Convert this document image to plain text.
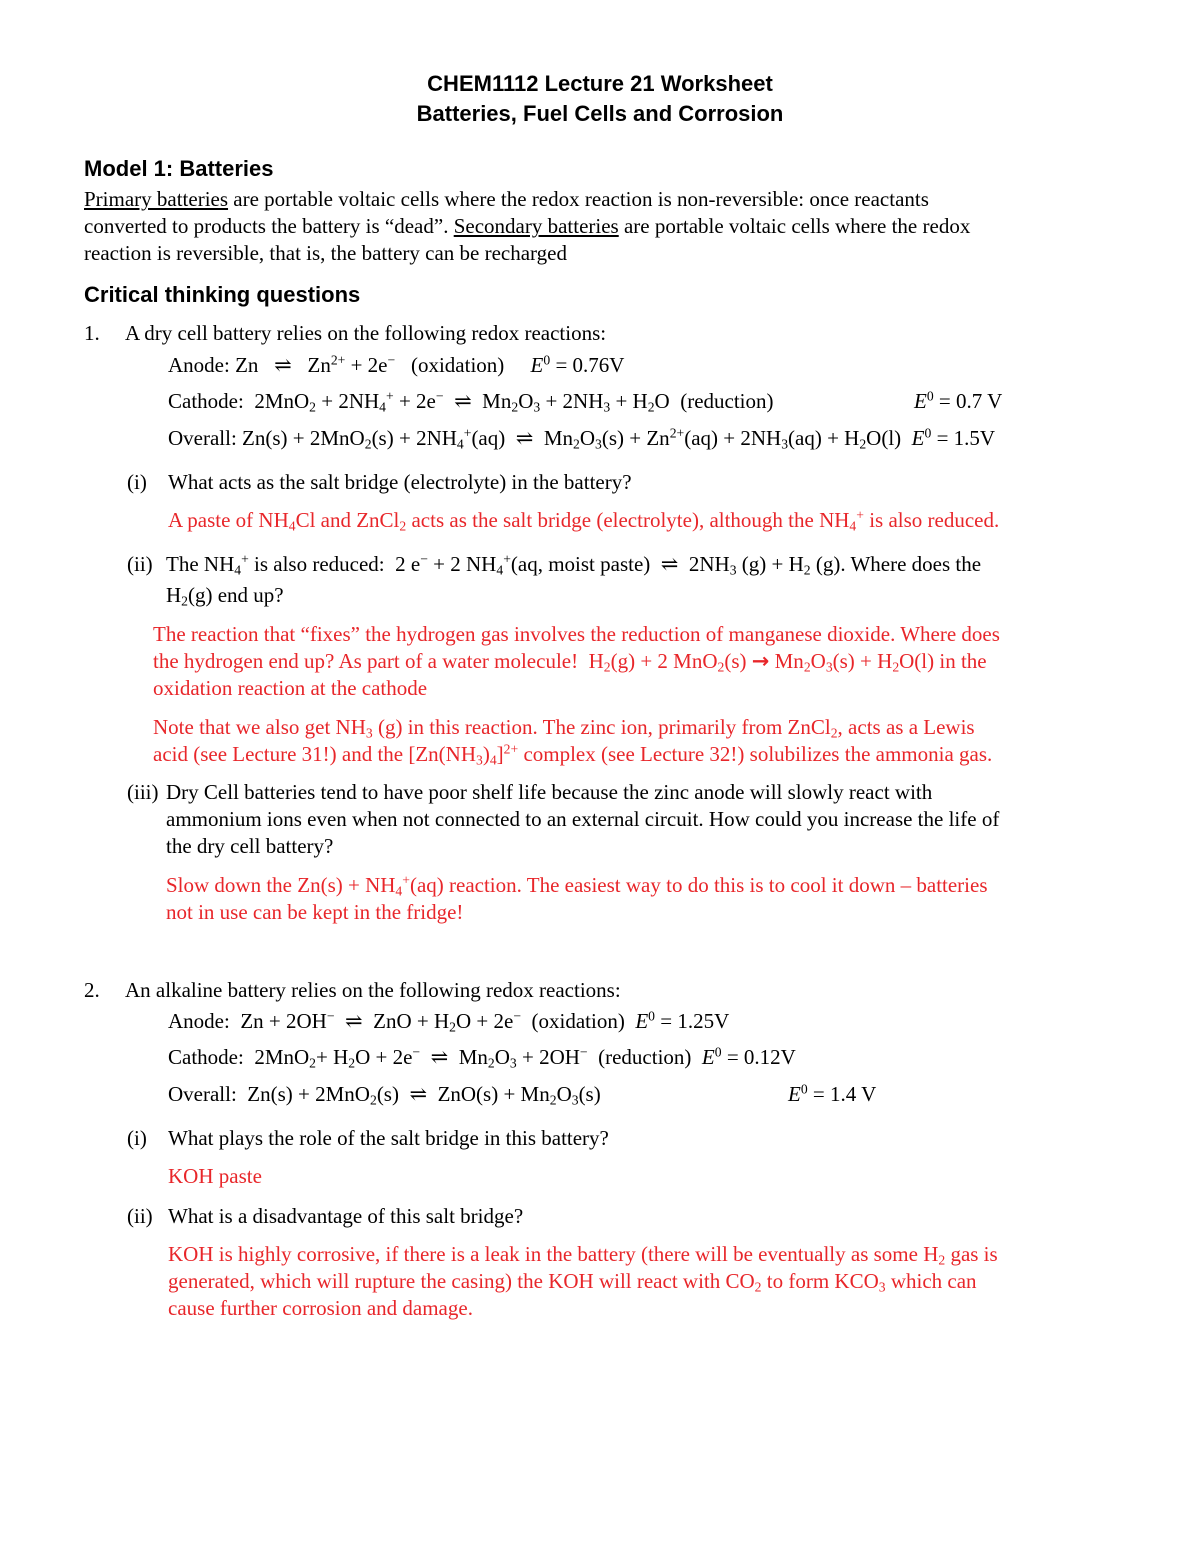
CHEM1112 Lecture 21 Worksheet
Batteries, Fuel Cells and Corrosion
Model 1: Batteries
Primary batteries are portable voltaic cells where the redox reaction is non-reversible: once reactants
converted to products the battery is “dead”. Secondary batteries are portable voltaic cells where the redox
reaction is reversible, that is, the battery can be recharged
Critical thinking questions
1. A dry cell battery relies on the following redox reactions:
Anode: Zn   ⇌   $Zn^{2+} + 2e^-$   (oxidation)     $E^0 = 0.76V$
Cathode:  $2MnO_2 + 2NH_4^+ + 2e^-$  ⇌  $Mn_2O_3 + 2NH_3 + H_2O$  (reduction)	$E^0 = 0.7$ V
Overall: $Zn(s) + 2MnO_2(s) + 2NH_4^+(aq)$  ⇌  $Mn_2O_3(s) + Zn^{2+}(aq) + 2NH_3(aq) + H_2O(l) E^0 = 1.5V$
(i) What acts as the salt bridge (electrolyte) in the battery?
A paste of $NH_4Cl$ and ZnCl$_2$ acts as the salt bridge (electrolyte), although the $NH_4^+$ is also reduced.
(ii) The $NH_4^+$ is also reduced:  2 e− + 2 $NH_4^+(aq$, moist paste)  ⇌  $2NH_3$ $(g) + H_2$ (g). Where does the
$H_2(g)$ end up?
The reaction that “fixes” the hydrogen gas involves the reduction of manganese dioxide. Where does
the hydrogen end up? As part of a water molecule!  $H_2(g) + 2$ $MnO_2(s) \to Mn_2O_3(s) + H_2O(l)$ in the
oxidation reaction at the cathode
Note that we also get $NH_3$ (g) in this reaction. The zinc ion, primarily from ZnCl$_2$, acts as a Lewis
acid (see Lecture 31!) and the $[Zn(NH_3)_4]^{2+}$ complex (see Lecture 32!) solubilizes the ammonia gas.
(iii) Dry Cell batteries tend to have poor shelf life because the zinc anode will slowly react with
ammonium ions even when not connected to an external circuit. How could you increase the life of
the dry cell battery?
Slow down the $Zn(s) + NH_4^+(aq)$ reaction. The easiest way to do this is to cool it down – batteries
not in use can be kept in the fridge!
2. An alkaline battery relies on the following redox reactions:
Anode:  Zn + 2OH−  ⇌  ZnO + $H_2O + 2e^-$  (oxidation)  $E^0 = 1.25V$
Cathode:  $2MnO_2+ H_2O + 2e^-$  ⇌  $Mn_2O_3 + 2OH^-$  (reduction)  $E^0 = 0.12V$
Overall:  Zn(s) + 2MnO$_2$(s)  ⇌  $ZnO(s) + Mn_2O_3(s)$	$E^0 = 1.4$ V
(i) What plays the role of the salt bridge in this battery?
KOH paste
(ii) What is a disadvantage of this salt bridge?
KOH is highly corrosive, if there is a leak in the battery (there will be eventually as some $H_2$ gas is
generated, which will rupture the casing) the KOH will react with $CO_2$ to form $KCO_3$ which can
cause further corrosion and damage.
